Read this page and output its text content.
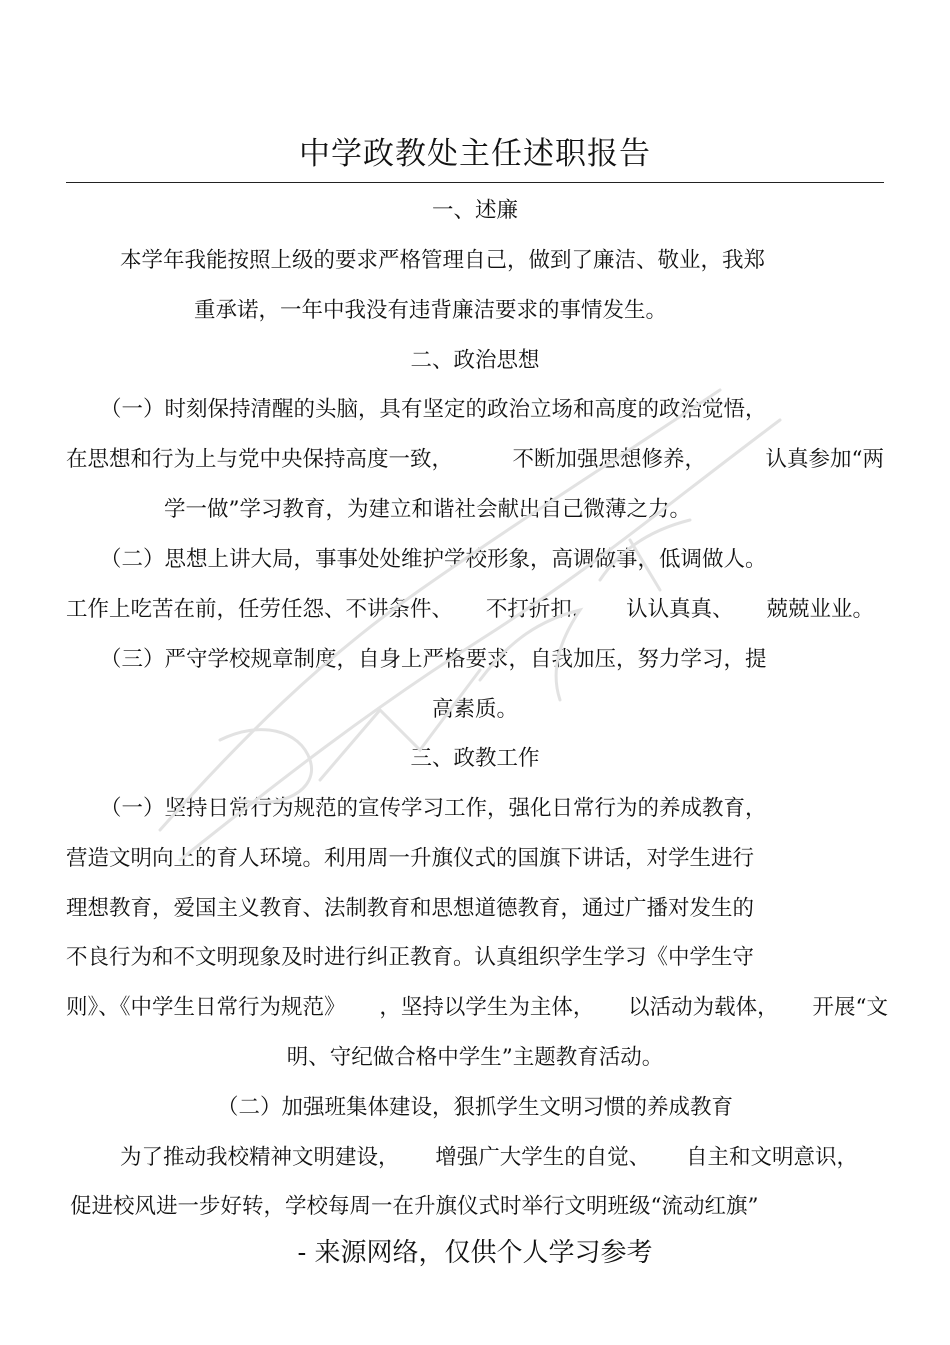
中学政教处主任述职报告
一、述廉
本学年我能按照上级的要求严格管理自己，做到了廉洁、敬业，我郑
重承诺，一年中我没有违背廉洁要求的事情发生。
二、政治思想
（一）时刻保持清醒的头脑，具有坚定的政治立场和高度的政治觉悟，
在思想和行为上与党中央保持高度一致，	不断加强思想修养，	认真参加“两
学一做”学习教育，为建立和谐社会献出自己微薄之力。
（二）思想上讲大局，事事处处维护学校形象，高调做事，低调做人。
工作上吃苦在前，任劳任怨、不讲条件、 不打折扣， 认认真真、 兢兢业业。
（三）严守学校规章制度，自身上严格要求，自我加压，努力学习，提
高素质。
三、政教工作
（一）坚持日常行为规范的宣传学习工作，强化日常行为的养成教育，
营造文明向上的育人环境。利用周一升旗仪式的国旗下讲话，对学生进行
理想教育，爱国主义教育、法制教育和思想道德教育，通过广播对发生的
不良行为和不文明现象及时进行纠正教育。认真组织学生学习《中学生守
则》、《中学生日常行为规范》 ，坚持以学生为主体， 以活动为载体， 开展“文
明、守纪做合格中学生”主题教育活动。
（二）加强班集体建设，狠抓学生文明习惯的养成教育
为了推动我校精神文明建设， 增强广大学生的自觉、 自主和文明意识，
促进校风进一步好转，学校每周一在升旗仪式时举行文明班级“流动红旗”
- 来源网络，仅供个人学习参考
